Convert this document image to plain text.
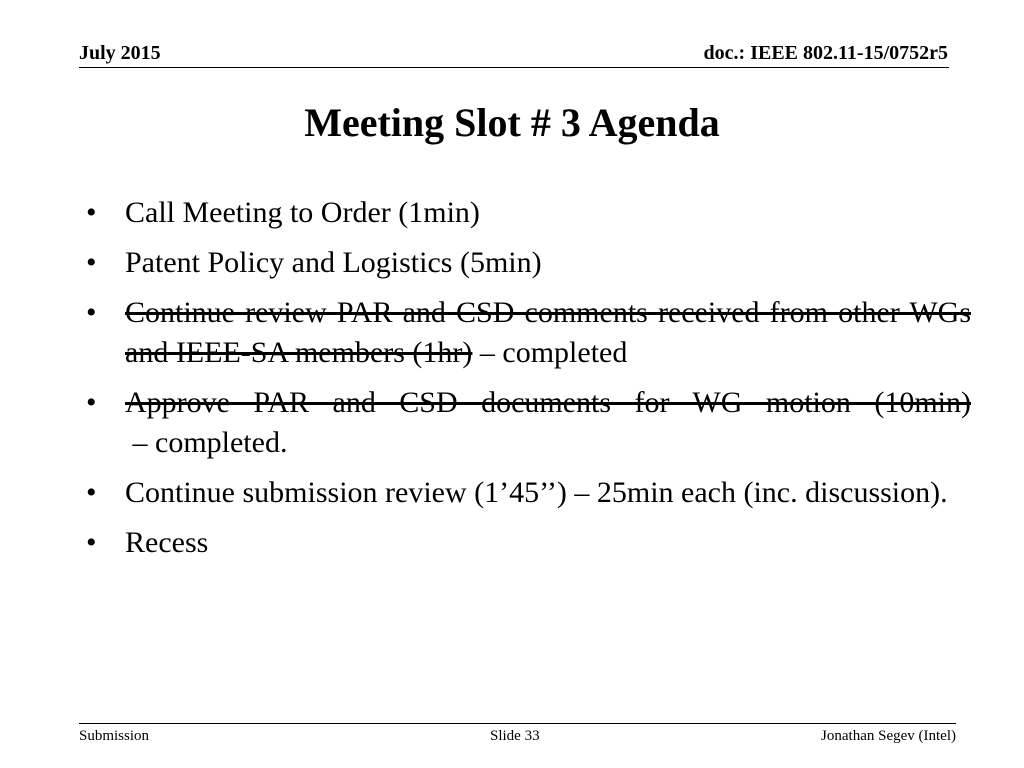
July 2015	doc.: IEEE 802.11-15/0752r5
Meeting Slot # 3 Agenda
• Call Meeting to Order (1min)
• Patent Policy and Logistics (5min)
• Continue review PAR and CSD comments received from other WGs and IEEE-SA members (1hr) – completed
• Approve PAR and CSD documents for WG motion (10min) – completed.
• Continue submission review (1’45’’) – 25min each (inc. discussion).
• Recess
Submission	Slide 33	Jonathan Segev (Intel)
